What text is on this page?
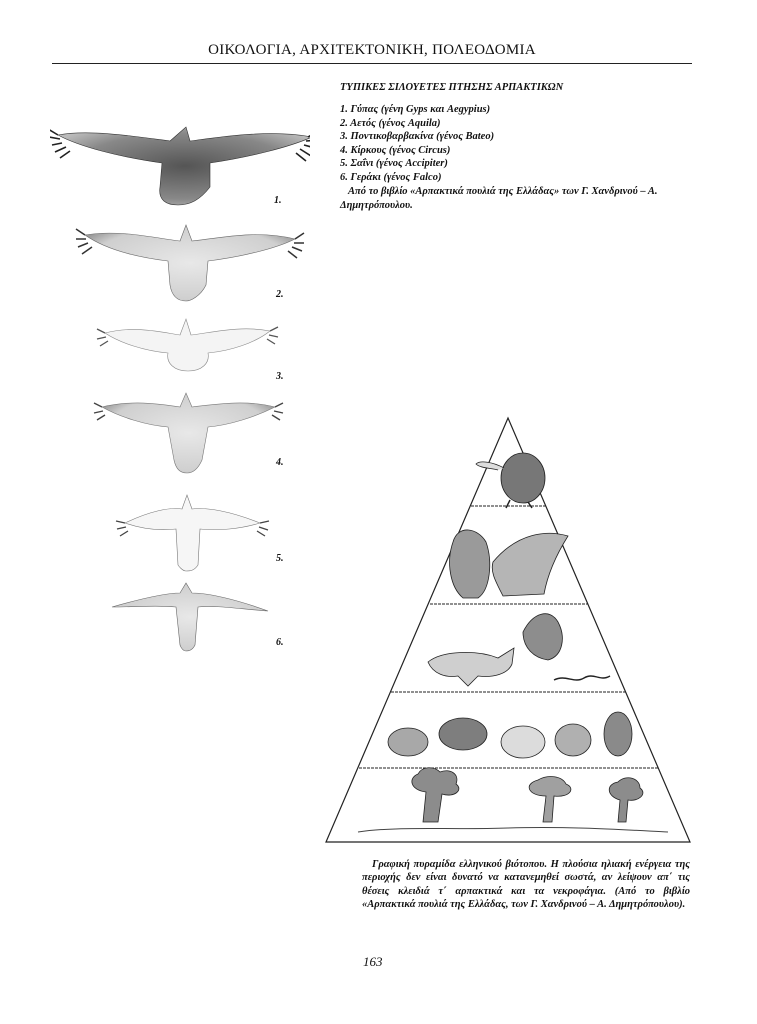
ΟΙΚΟΛΟΓΙΑ, ΑΡΧΙΤΕΚΤΟΝΙΚΗ, ΠΟΛΕΟΔΟΜΙΑ
ΤΥΠΙΚΕΣ ΣΙΛΟΥΕΤΕΣ ΠΤΗΣΗΣ ΑΡΠΑΚΤΙΚΩΝ
1. Γύπας (γένη Gyps και Aegypius)
2. Αετός (γένος Aquila)
3. Ποντικοβαρβακίνα (γένος Bateo)
4. Κίρκους (γένος Circus)
5. Σαΐνι (γένος Accipiter)
6. Γεράκι (γένος Falco)
Από το βιβλίο «Αρπακτικά πουλιά της Ελλάδας» των Γ. Χανδρινού – Α. Δημητρόπουλου.
1.
2.
3.
4.
5.
6.
Γραφική πυραμίδα ελληνικού βιότοπου. Η πλούσια ηλιακή ενέργεια της περιοχής δεν είναι δυνατό να κατανεμηθεί σωστά, αν λείψουν απ΄ τις θέσεις κλειδιά τ΄ αρπακτικά και τα νεκροφάγια. (Από το βιβλίο «Αρπακτικά πουλιά της Ελλάδας, των Γ. Χανδρινού – Α. Δημητρόπουλου).
163
